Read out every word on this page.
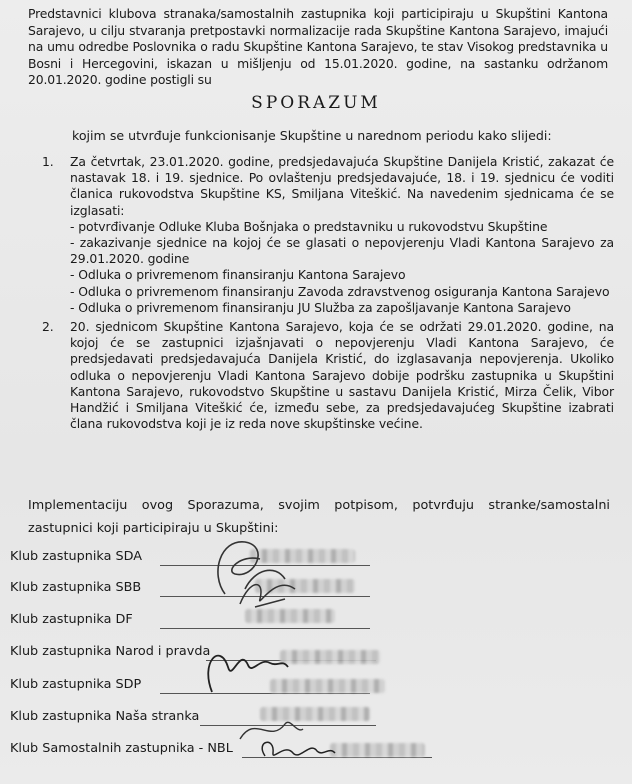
Predstavnici klubova stranaka/samostalnih zastupnika koji participiraju u Skupštini Kantona Sarajevo, u cilju stvaranja pretpostavki normalizacije rada Skupštine Kantona Sarajevo, imajući na umu odredbe Poslovnika o radu Skupštine Kantona Sarajevo, te stav Visokog predstavnika u Bosni i Hercegovini, iskazan u mišljenju od 15.01.2020. godine, na sastanku održanom 20.01.2020. godine postigli su

SPORAZUM
kojim se utvrđuje funkcionisanje Skupštine u narednom periodu kako slijedi:
1. Za četvrtak, 23.01.2020. godine, predsjedavajuća Skupštine Danijela Kristić, zakazat će nastavak 18. i 19. sjednice. Po ovlaštenju predsjedavajuće, 18. i 19. sjednicu će voditi članica rukovodstva Skupštine KS, Smiljana Viteškić. Na navedenim sjednicama će se izglasati:
- potvrđivanje Odluke Kluba Bošnjaka o predstavniku u rukovodstvu Skupštine
- zakazivanje sjednice na kojoj će se glasati o nepovjerenju Vladi Kantona Sarajevo za 29.01.2020. godine
- Odluka o privremenom finansiranju Kantona Sarajevo
- Odluka o privremenom finansiranju Zavoda zdravstvenog osiguranja Kantona Sarajevo
- Odluka o privremenom finansiranju JU Služba za zapošljavanje Kantona Sarajevo
2. 20. sjednicom Skupštine Kantona Sarajevo, koja će se održati 29.01.2020. godine, na kojoj će se zastupnici izjašnjavati o nepovjerenju Vladi Kantona Sarajevo, će predsjedavati predsjedavajuća Danijela Kristić, do izglasavanja nepovjerenja. Ukoliko odluka o nepovjerenju Vladi Kantona Sarajevo dobije podršku zastupnika u Skupštini Kantona Sarajevo, rukovodstvo Skupštine u sastavu Danijela Kristić, Mirza Čelik, Vibor Handžić i Smiljana Viteškić će, između sebe, za predsjedavajućeg Skupštine izabrati člana rukovodstva koji je iz reda nove skupštinske većine.
Implementaciju ovog Sporazuma, svojim potpisom, potvrđuju stranke/samostalni zastupnici koji participiraju u Skupštini:
Klub zastupnika SDA
Klub zastupnika SBB
Klub zastupnika DF
Klub zastupnika Narod i pravda
Klub zastupnika SDP
Klub zastupnika Naša stranka
Klub Samostalnih zastupnika - NBL
